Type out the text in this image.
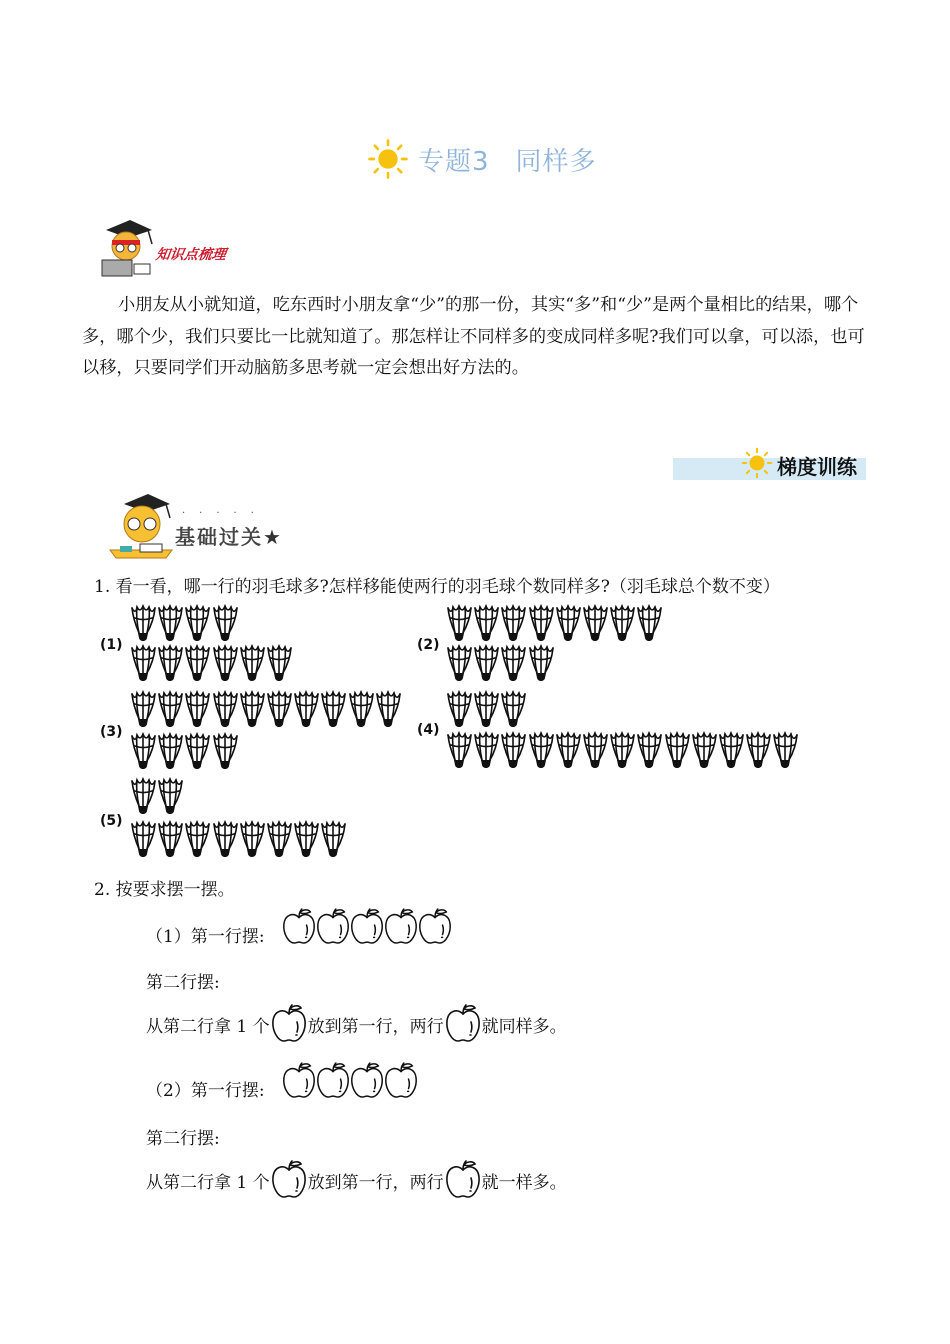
专题3 同样多
知识点梳理
小朋友从小就知道，吃东西时小朋友拿“少”的那一份，其实“多”和“少”是两个量相比的结果，哪个多，哪个少，我们只要比一比就知道了。那怎样让不同样多的变成同样多呢?我们可以拿，可以添，也可以移，只要同学们开动脑筋多思考就一定会想出好方法的。
梯度训练
·····
基础过关★
1. 看一看，哪一行的羽毛球多?怎样移能使两行的羽毛球个数同样多?（羽毛球总个数不变）
(1)	(2)
(3)	(4)
(5)
2. 按要求摆一摆。
（1）第一行摆:
第二行摆:
从第二行拿 1 个 放到第一行，两行 就同样多。
（2）第一行摆:
第二行摆:
从第二行拿 1 个 放到第一行，两行 就一样多。
